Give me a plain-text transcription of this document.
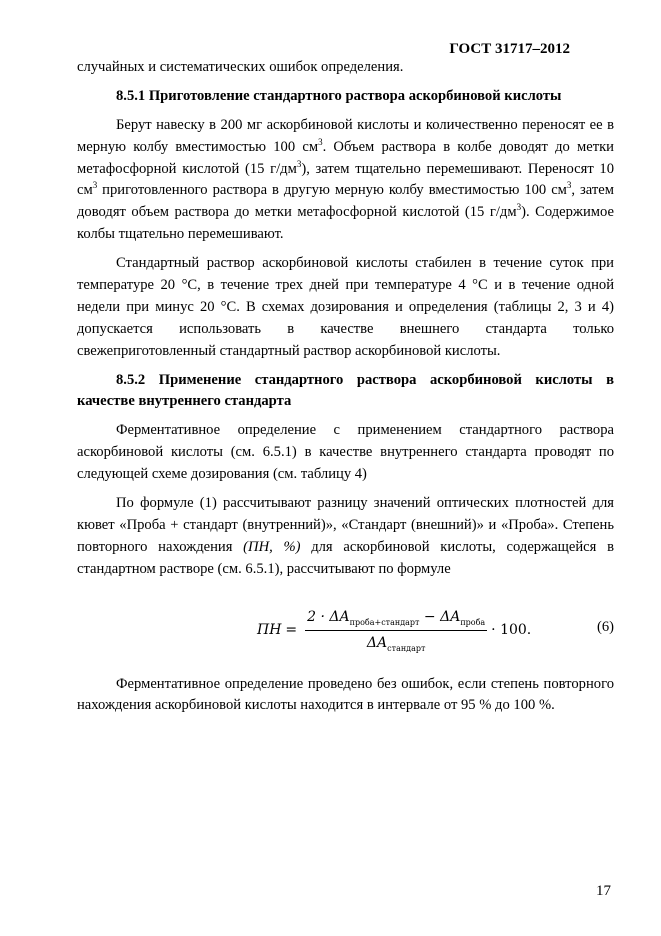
ГОСТ 31717–2012

случайных и систематических ошибок определения.

8.5.1 Приготовление стандартного раствора аскорбиновой кислоты

Берут навеску в 200 мг аскорбиновой кислоты и количественно переносят ее в мерную колбу вместимостью 100 $см^3$. Объем раствора в колбе доводят до метки метафосфорной кислотой (15 $г/дм^3$), затем тщательно перемешивают. Переносят 10 $см^3$ приготовленного раствора в другую мерную колбу вместимостью 100 $см^3$, затем доводят объем раствора до метки метафосфорной кислотой (15 $г/дм^3$). Содержимое колбы тщательно перемешивают.

Стандартный раствор аскорбиновой кислоты стабилен в течение суток при температуре 20 °С, в течение трех дней при температуре 4 °С и в течение одной недели при минус 20 °С. В схемах дозирования и определения (таблицы 2, 3 и 4) допускается использовать в качестве внешнего стандарта только свежеприготовленный стандартный раствор аскорбиновой кислоты.

8.5.2 Применение стандартного раствора аскорбиновой кислоты в качестве внутреннего стандарта

Ферментативное определение с применением стандартного раствора аскорбиновой кислоты (см. 6.5.1) в качестве внутреннего стандарта проводят по следующей схеме дозирования (см. таблицу 4)

По формуле (1) рассчитывают разницу значений оптических плотностей для кювет «Проба + стандарт (внутренний)», «Стандарт (внешний)» и «Проба». Степень повторного нахождения (ПН, %) для аскорбиновой кислоты, содержащейся в стандартном растворе (см. 6.5.1), рассчитывают по формуле

ПН = $\frac{2 \cdot \Delta A_{проба+стандарт} - \Delta A_{проба}}{\Delta A_{стандарт}} \cdot 100$.	(6)

Ферментативное определение проведено без ошибок, если степень повторного нахождения аскорбиновой кислоты находится в интервале от 95 % до 100 %.

17
